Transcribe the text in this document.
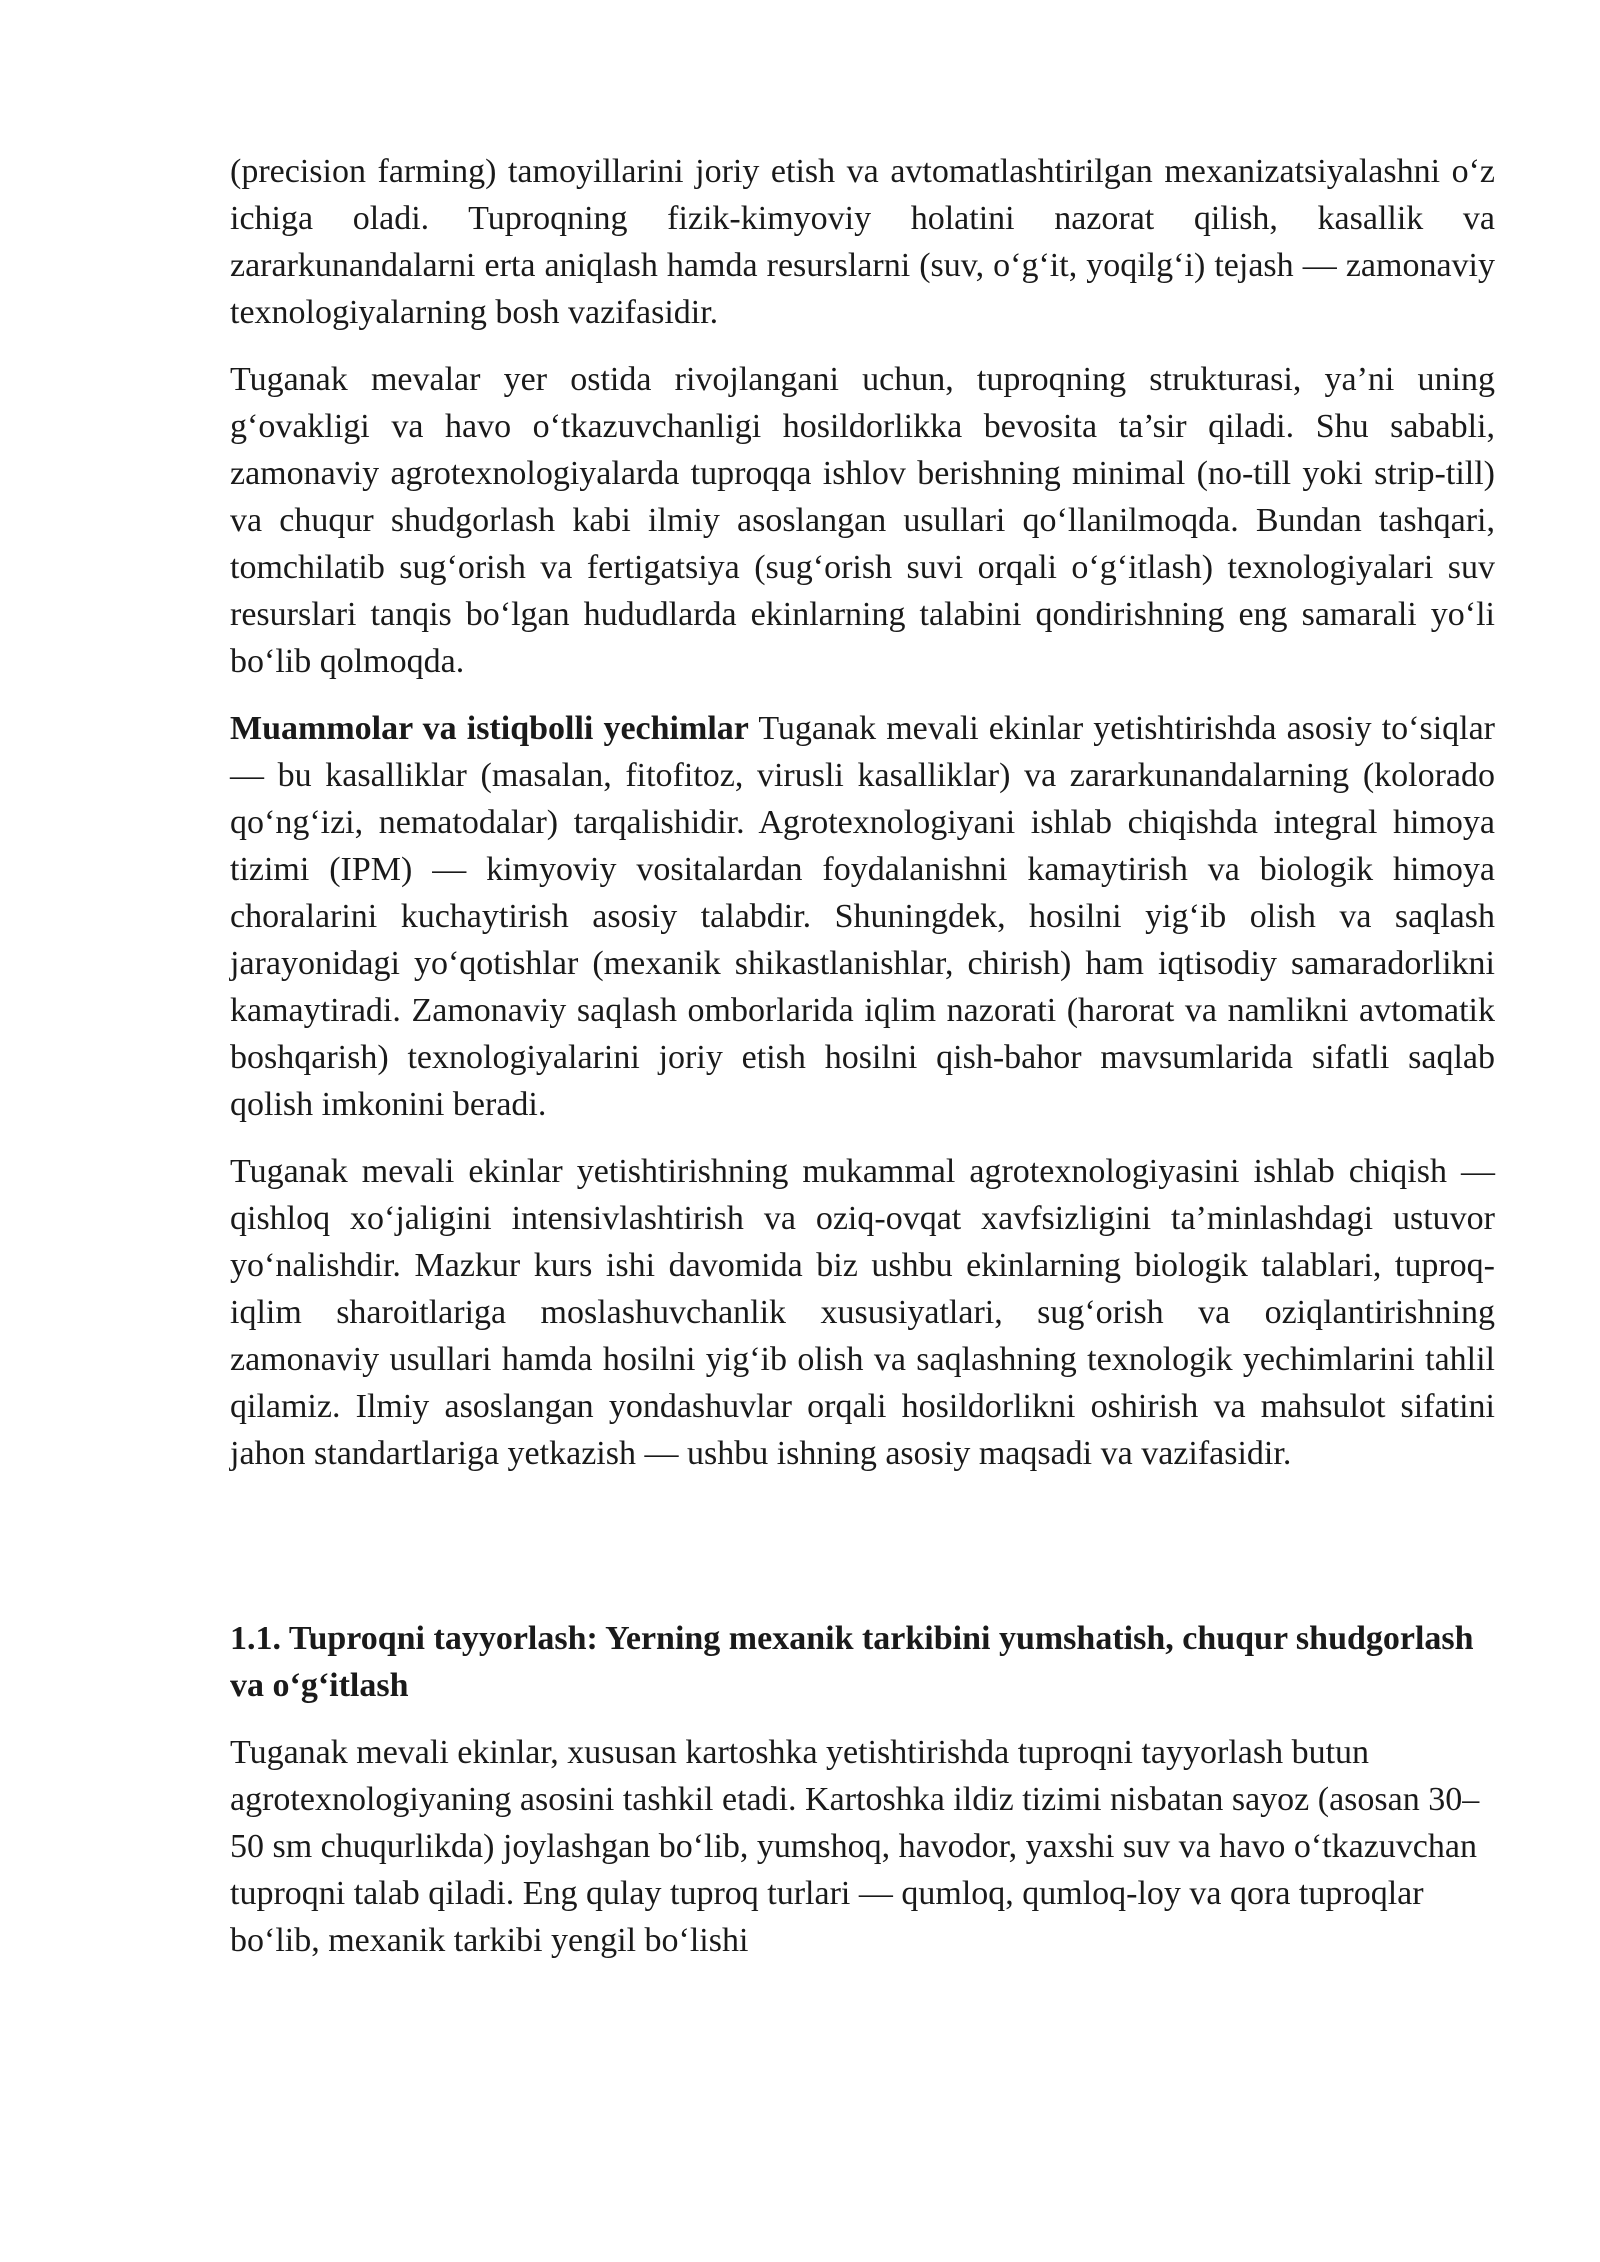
(precision farming) tamoyillarini joriy etish va avtomatlashtirilgan mexanizatsiyalashni o‘z ichiga oladi. Tuproqning fizik-kimyoviy holatini nazorat qilish, kasallik va zararkunandalarni erta aniqlash hamda resurslarni (suv, o‘g‘it, yoqilg‘i) tejash — zamonaviy texnologiyalarning bosh vazifasidir.

Tuganak mevalar yer ostida rivojlangani uchun, tuproqning strukturasi, ya’ni uning g‘ovakligi va havo o‘tkazuvchanligi hosildorlikka bevosita ta’sir qiladi. Shu sababli, zamonaviy agrotexnologiyalarda tuproqqa ishlov berishning minimal (no-till yoki strip-till) va chuqur shudgorlash kabi ilmiy asoslangan usullari qo‘llanilmoqda. Bundan tashqari, tomchilatib sug‘orish va fertigatsiya (sug‘orish suvi orqali o‘g‘itlash) texnologiyalari suv resurslari tanqis bo‘lgan hududlarda ekinlarning talabini qondirishning eng samarali yo‘li bo‘lib qolmoqda.

Muammolar va istiqbolli yechimlar Tuganak mevali ekinlar yetishtirishda asosiy to‘siqlar — bu kasalliklar (masalan, fitofitoz, virusli kasalliklar) va zararkunandalarning (kolorado qo‘ng‘izi, nematodalar) tarqalishidir. Agrotexnologiyani ishlab chiqishda integral himoya tizimi (IPM) — kimyoviy vositalardan foydalanishni kamaytirish va biologik himoya choralarini kuchaytirish asosiy talabdir. Shuningdek, hosilni yig‘ib olish va saqlash jarayonidagi yo‘qotishlar (mexanik shikastlanishlar, chirish) ham iqtisodiy samaradorlikni kamaytiradi. Zamonaviy saqlash omborlarida iqlim nazorati (harorat va namlikni avtomatik boshqarish) texnologiyalarini joriy etish hosilni qish-bahor mavsumlarida sifatli saqlab qolish imkonini beradi.

Tuganak mevali ekinlar yetishtirishning mukammal agrotexnologiyasini ishlab chiqish — qishloq xo‘jaligini intensivlashtirish va oziq-ovqat xavfsizligini ta’minlashdagi ustuvor yo‘nalishdir. Mazkur kurs ishi davomida biz ushbu ekinlarning biologik talablari, tuproq-iqlim sharoitlariga moslashuvchanlik xususiyatlari, sug‘orish va oziqlantirishning zamonaviy usullari hamda hosilni yig‘ib olish va saqlashning texnologik yechimlarini tahlil qilamiz. Ilmiy asoslangan yondashuvlar orqali hosildorlikni oshirish va mahsulot sifatini jahon standartlariga yetkazish — ushbu ishning asosiy maqsadi va vazifasidir.

1.1. Tuproqni tayyorlash: Yerning mexanik tarkibini yumshatish, chuqur shudgorlash va o‘g‘itlash

Tuganak mevali ekinlar, xususan kartoshka yetishtirishda tuproqni tayyorlash butun agrotexnologiyaning asosini tashkil etadi. Kartoshka ildiz tizimi nisbatan sayoz (asosan 30–50 sm chuqurlikda) joylashgan bo‘lib, yumshoq, havodor, yaxshi suv va havo o‘tkazuvchan tuproqni talab qiladi. Eng qulay tuproq turlari — qumloq, qumloq-loy va qora tuproqlar bo‘lib, mexanik tarkibi yengil bo‘lishi
